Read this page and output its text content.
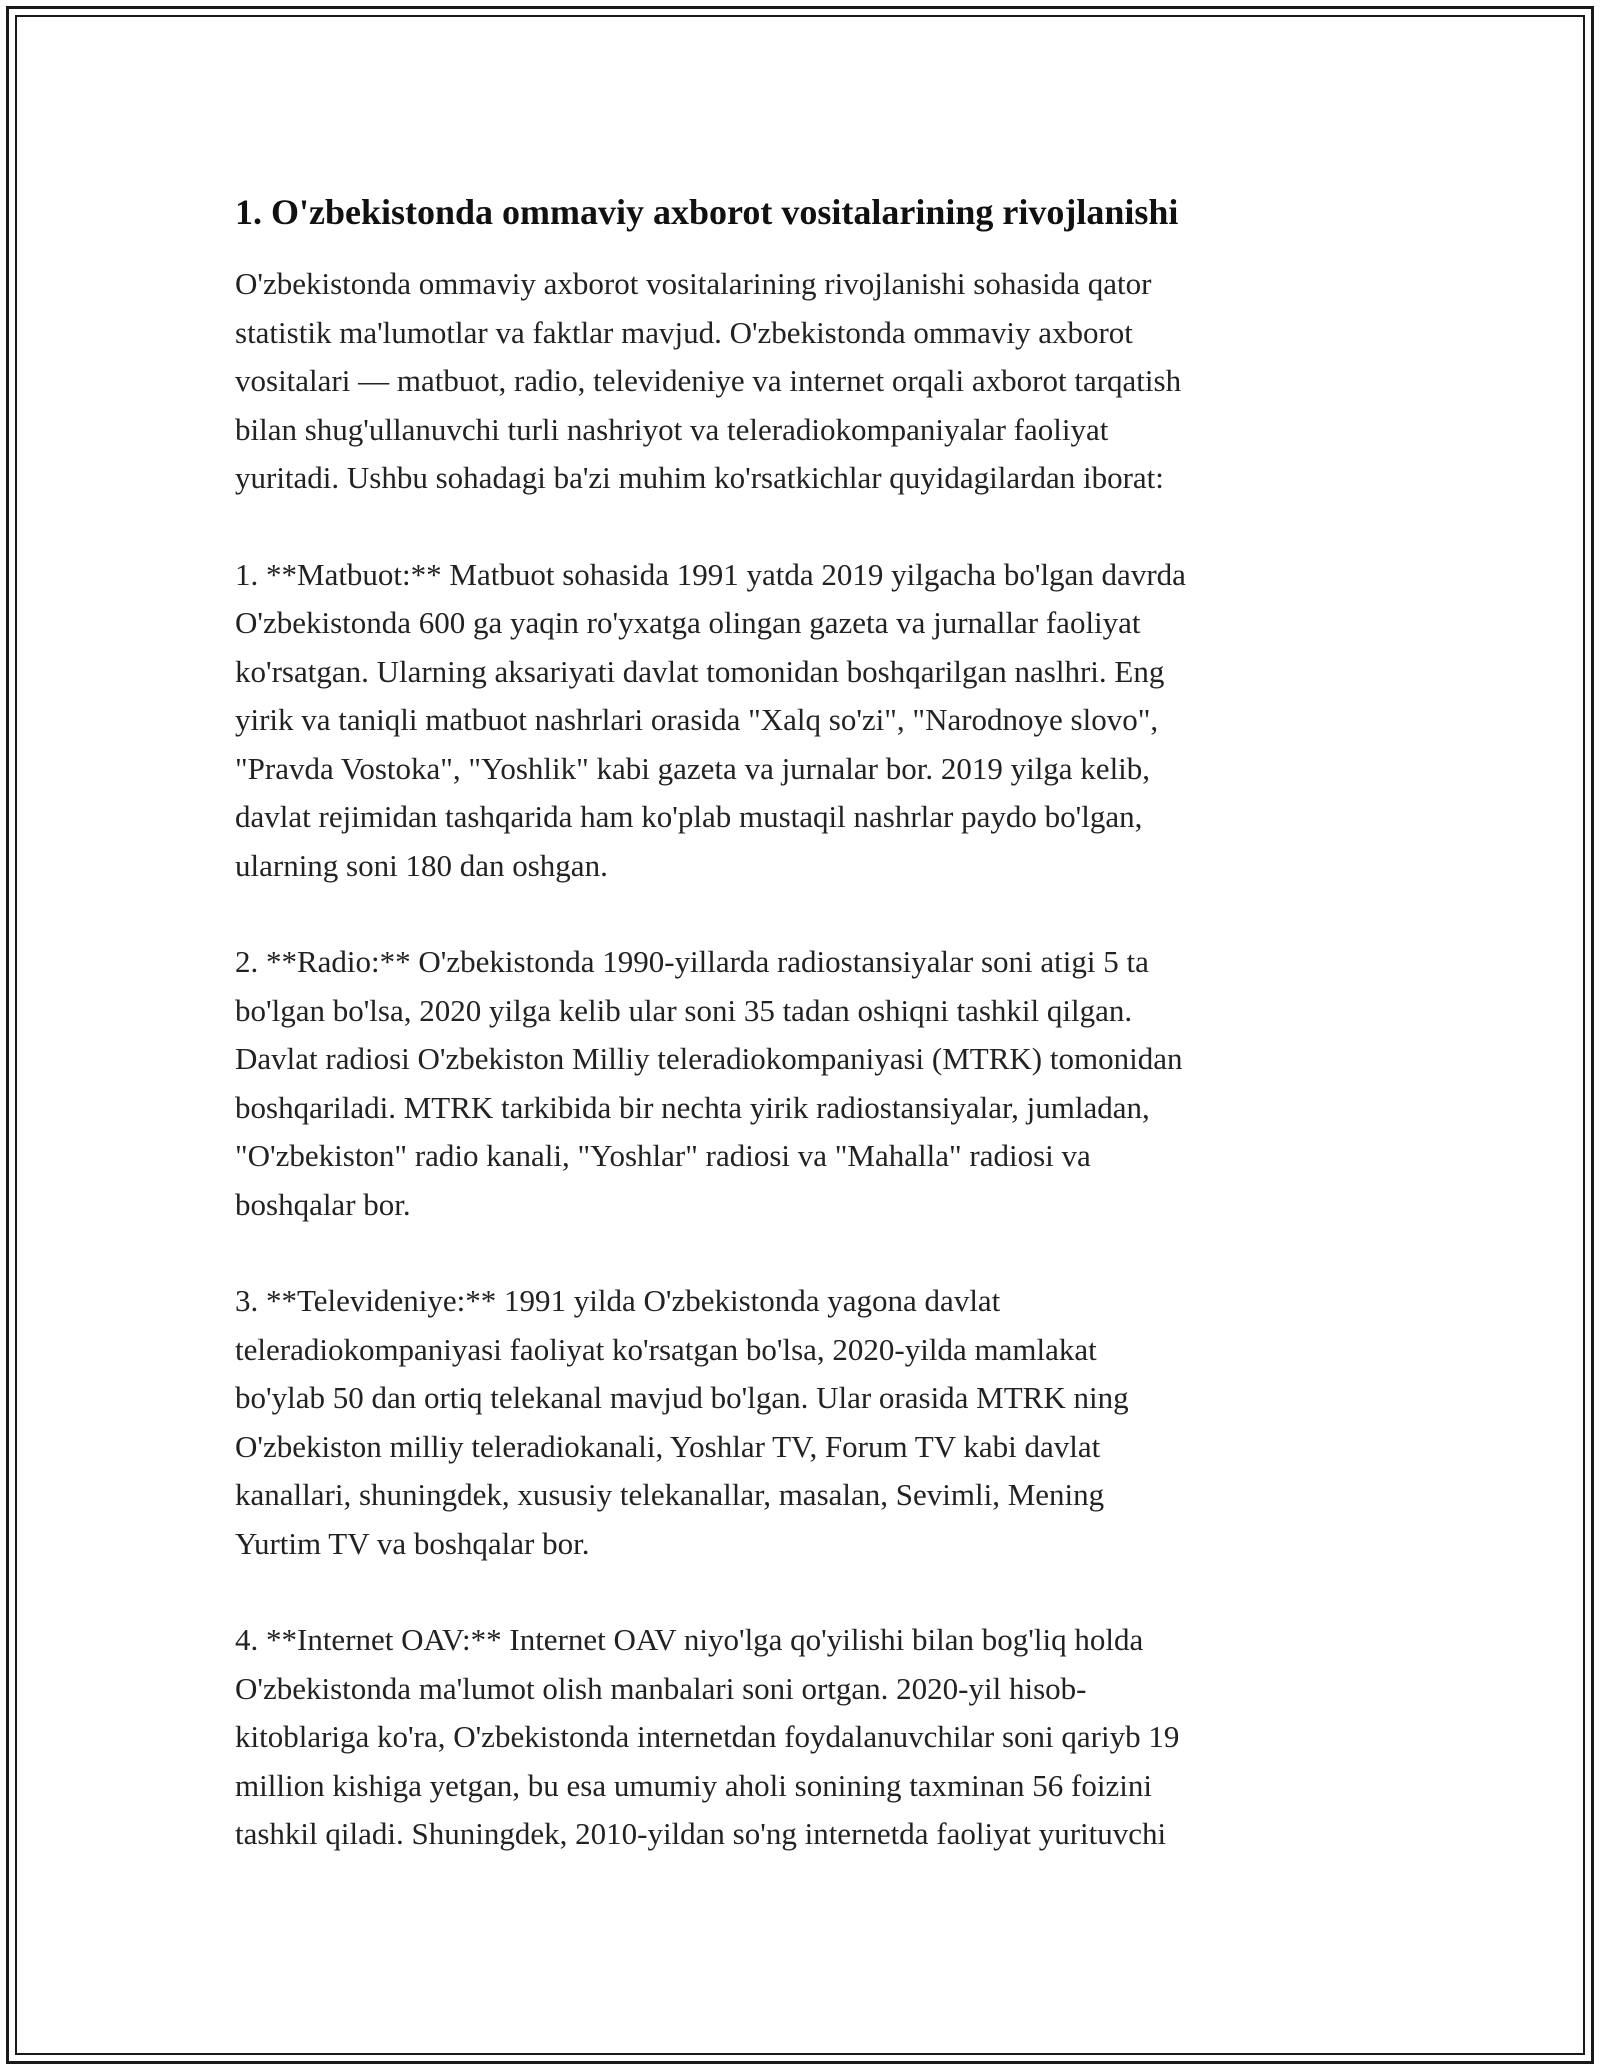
1. O'zbekistonda ommaviy axborot vositalarining rivojlanishi

O'zbekistonda ommaviy axborot vositalarining rivojlanishi sohasida qator
statistik ma'lumotlar va faktlar mavjud. O'zbekistonda ommaviy axborot
vositalari — matbuot, radio, televideniye va internet orqali axborot tarqatish
bilan shug'ullanuvchi turli nashriyot va teleradiokompaniyalar faoliyat
yuritadi. Ushbu sohadagi ba'zi muhim ko'rsatkichlar quyidagilardan iborat:

1. **Matbuot:** Matbuot sohasida 1991 yatda 2019 yilgacha bo'lgan davrda
O'zbekistonda 600 ga yaqin ro'yxatga olingan gazeta va jurnallar faoliyat
ko'rsatgan. Ularning aksariyati davlat tomonidan boshqarilgan naslhri. Eng
yirik va taniqli matbuot nashrlari orasida "Xalq so'zi", "Narodnoye slovo",
"Pravda Vostoka", "Yoshlik" kabi gazeta va jurnalar bor. 2019 yilga kelib,
davlat rejimidan tashqarida ham ko'plab mustaqil nashrlar paydo bo'lgan,
ularning soni 180 dan oshgan.

2. **Radio:** O'zbekistonda 1990-yillarda radiostansiyalar soni atigi 5 ta
bo'lgan bo'lsa, 2020 yilga kelib ular soni 35 tadan oshiqni tashkil qilgan.
Davlat radiosi O'zbekiston Milliy teleradiokompaniyasi (MTRK) tomonidan
boshqariladi. MTRK tarkibida bir nechta yirik radiostansiyalar, jumladan,
"O'zbekiston" radio kanali, "Yoshlar" radiosi va "Mahalla" radiosi va
boshqalar bor.

3. **Televideniye:** 1991 yilda O'zbekistonda yagona davlat
teleradiokompaniyasi faoliyat ko'rsatgan bo'lsa, 2020-yilda mamlakat
bo'ylab 50 dan ortiq telekanal mavjud bo'lgan. Ular orasida MTRK ning
O'zbekiston milliy teleradiokanali, Yoshlar TV, Forum TV kabi davlat
kanallari, shuningdek, xususiy telekanallar, masalan, Sevimli, Mening
Yurtim TV va boshqalar bor.

4. **Internet OAV:** Internet OAV niyo'lga qo'yilishi bilan bog'liq holda
O'zbekistonda ma'lumot olish manbalari soni ortgan. 2020-yil hisob-
kitoblariga ko'ra, O'zbekistonda internetdan foydalanuvchilar soni qariyb 19
million kishiga yetgan, bu esa umumiy aholi sonining taxminan 56 foizini
tashkil qiladi. Shuningdek, 2010-yildan so'ng internetda faoliyat yurituvchi
